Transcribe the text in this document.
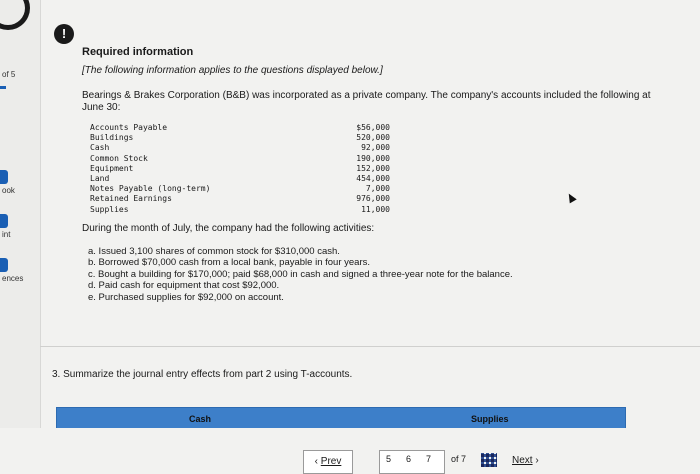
of 5
ook
int
ences
!

Required information

[The following information applies to the questions displayed below.]

Bearings & Brakes Corporation (B&B) was incorporated as a private company. The company's accounts included the following at June 30:

Accounts Payable	$56,000
Buildings	520,000
Cash	92,000
Common Stock	190,000
Equipment	152,000
Land	454,000
Notes Payable (long-term)	7,000
Retained Earnings	976,000
Supplies	11,000

During the month of July, the company had the following activities:

a. Issued 3,100 shares of common stock for $310,000 cash.
b. Borrowed $70,000 cash from a local bank, payable in four years.
c. Bought a building for $170,000; paid $68,000 in cash and signed a three-year note for the balance.
d. Paid cash for equipment that cost $92,000.
e. Purchased supplies for $92,000 on account.
3. Summarize the journal entry effects from part 2 using T-accounts.
Cash	Supplies
‹ Prev	5 6 7 of 7	Next ›
